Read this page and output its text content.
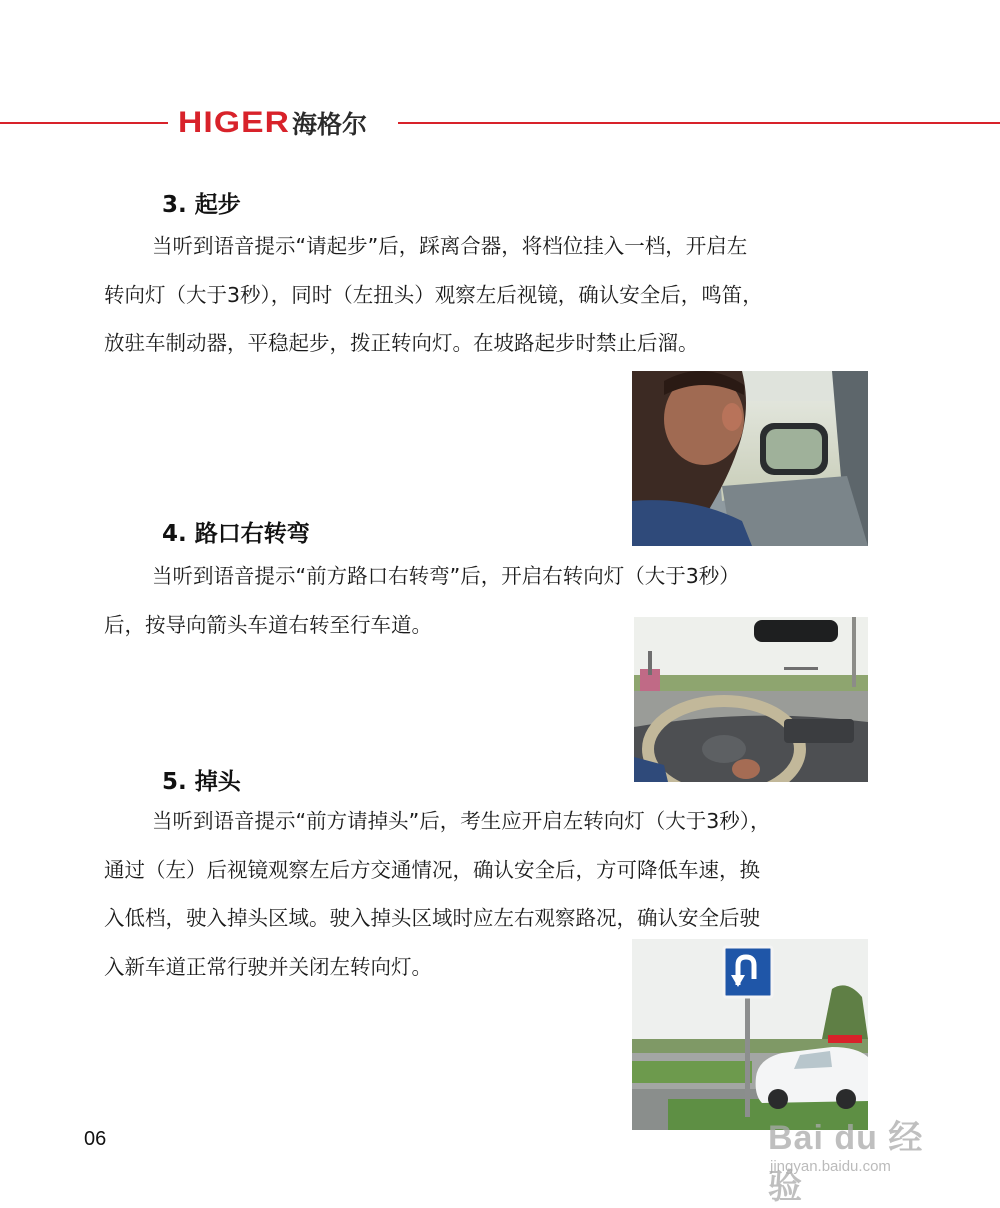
HIGER 海格尔
3. 起步
当听到语音提示“请起步”后，踩离合器，将档位挂入一档，开启左
转向灯（大于3秒），同时（左扭头）观察左后视镜，确认安全后，鸣笛，
放驻车制动器，平稳起步，拨正转向灯。在坡路起步时禁止后溜。
4. 路口右转弯
当听到语音提示“前方路口右转弯”后，开启右转向灯（大于3秒）
后，按导向箭头车道右转至行车道。
5. 掉头
当听到语音提示“前方请掉头”后，考生应开启左转向灯（大于3秒），
通过（左）后视镜观察左后方交通情况，确认安全后，方可降低车速，换
入低档，驶入掉头区域。驶入掉头区域时应左右观察路况，确认安全后驶
入新车道正常行驶并关闭左转向灯。
06	Bai du 经验
jingyan.baidu.com
